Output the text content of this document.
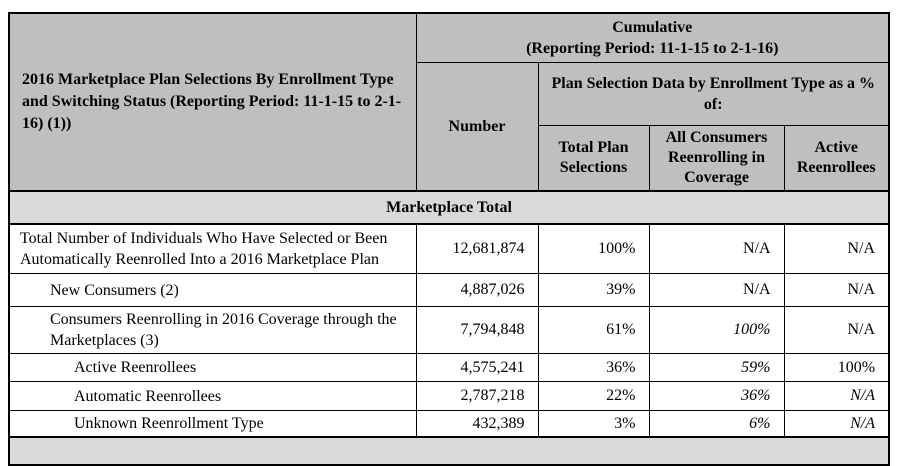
2016 Marketplace Plan Selections By Enrollment Type and Switching Status (Reporting Period: 11-1-15 to 2-1-16) (1))	Cumulative
(Reporting Period: 11-1-15 to 2-1-16)			

	Number	Plan Selection Data by Enrollment Type as a % of:		
		Total Plan Selections	All Consumers Reenrolling in Coverage	Active Reenrollees
Marketplace Total				
Total Number of Individuals Who Have Selected or Been Automatically Reenrolled Into a 2016 Marketplace Plan	12,681,874	100%	N/A	N/A
New Consumers (2)	4,887,026	39%	N/A	N/A
Consumers Reenrolling in 2016 Coverage through the Marketplaces (3)	7,794,848	61%	100%	N/A
Active Reenrollees	4,575,241	36%	59%	100%
Automatic Reenrollees	2,787,218	22%	36%	N/A
Unknown Reenrollment Type	432,389	3%	6%	N/A
